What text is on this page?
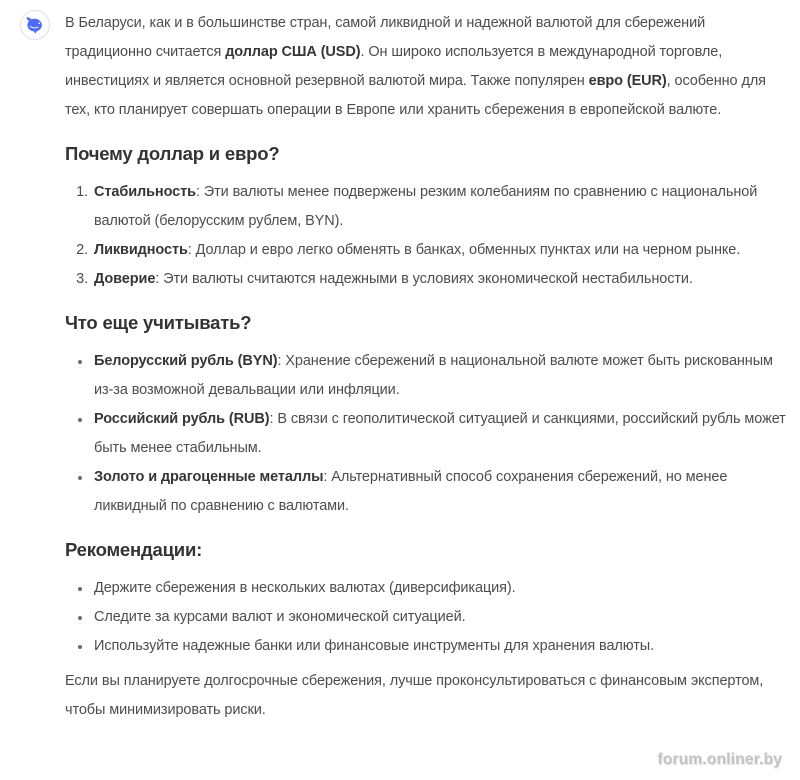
В Беларуси, как и в большинстве стран, самой ликвидной и надежной валютой для сбережений традиционно считается доллар США (USD). Он широко используется в международной торговле, инвестициях и является основной резервной валютой мира. Также популярен евро (EUR), особенно для тех, кто планирует совершать операции в Европе или хранить сбережения в европейской валюте.

Почему доллар и евро?
1. Стабильность: Эти валюты менее подвержены резким колебаниям по сравнению с национальной валютой (белорусским рублем, BYN).
2. Ликвидность: Доллар и евро легко обменять в банках, обменных пунктах или на черном рынке.
3. Доверие: Эти валюты считаются надежными в условиях экономической нестабильности.
Что еще учитывать?
• Белорусский рубль (BYN): Хранение сбережений в национальной валюте может быть рискованным из-за возможной девальвации или инфляции.
• Российский рубль (RUB): В связи с геополитической ситуацией и санкциями, российский рубль может быть менее стабильным.
• Золото и драгоценные металлы: Альтернативный способ сохранения сбережений, но менее ликвидный по сравнению с валютами.
Рекомендации:
• Держите сбережения в нескольких валютах (диверсификация).
• Следите за курсами валют и экономической ситуацией.
• Используйте надежные банки или финансовые инструменты для хранения валюты.

Если вы планируете долгосрочные сбережения, лучше проконсультироваться с финансовым экспертом, чтобы минимизировать риски.

forum.onliner.by
